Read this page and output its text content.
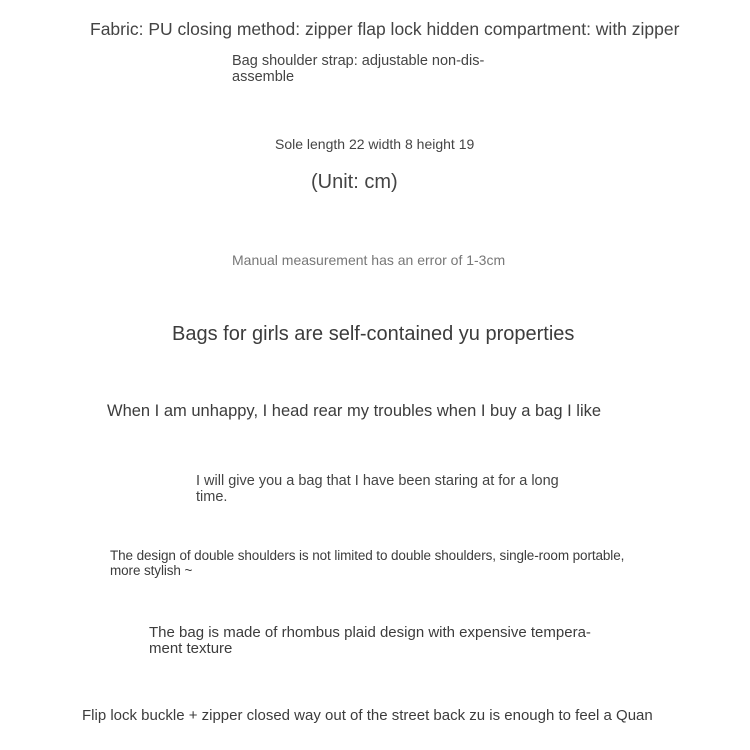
Fabric: PU closing method: zipper flap lock hidden compartment: with zipper
Bag shoulder strap: adjustable non-dis-
assemble
Sole length 22 width 8 height 19
(Unit: cm)
Manual measurement has an error of 1-3cm
Bags for girls are self-contained yu properties
When I am unhappy, I head rear my troubles when I buy a bag I like
I will give you a bag that I have been staring at for a long
time.
The design of double shoulders is not limited to double shoulders, single-room portable,
more stylish ~
The bag is made of rhombus plaid design with expensive tempera-
ment texture
Flip lock buckle + zipper closed way out of the street back zu is enough to feel a Quan
